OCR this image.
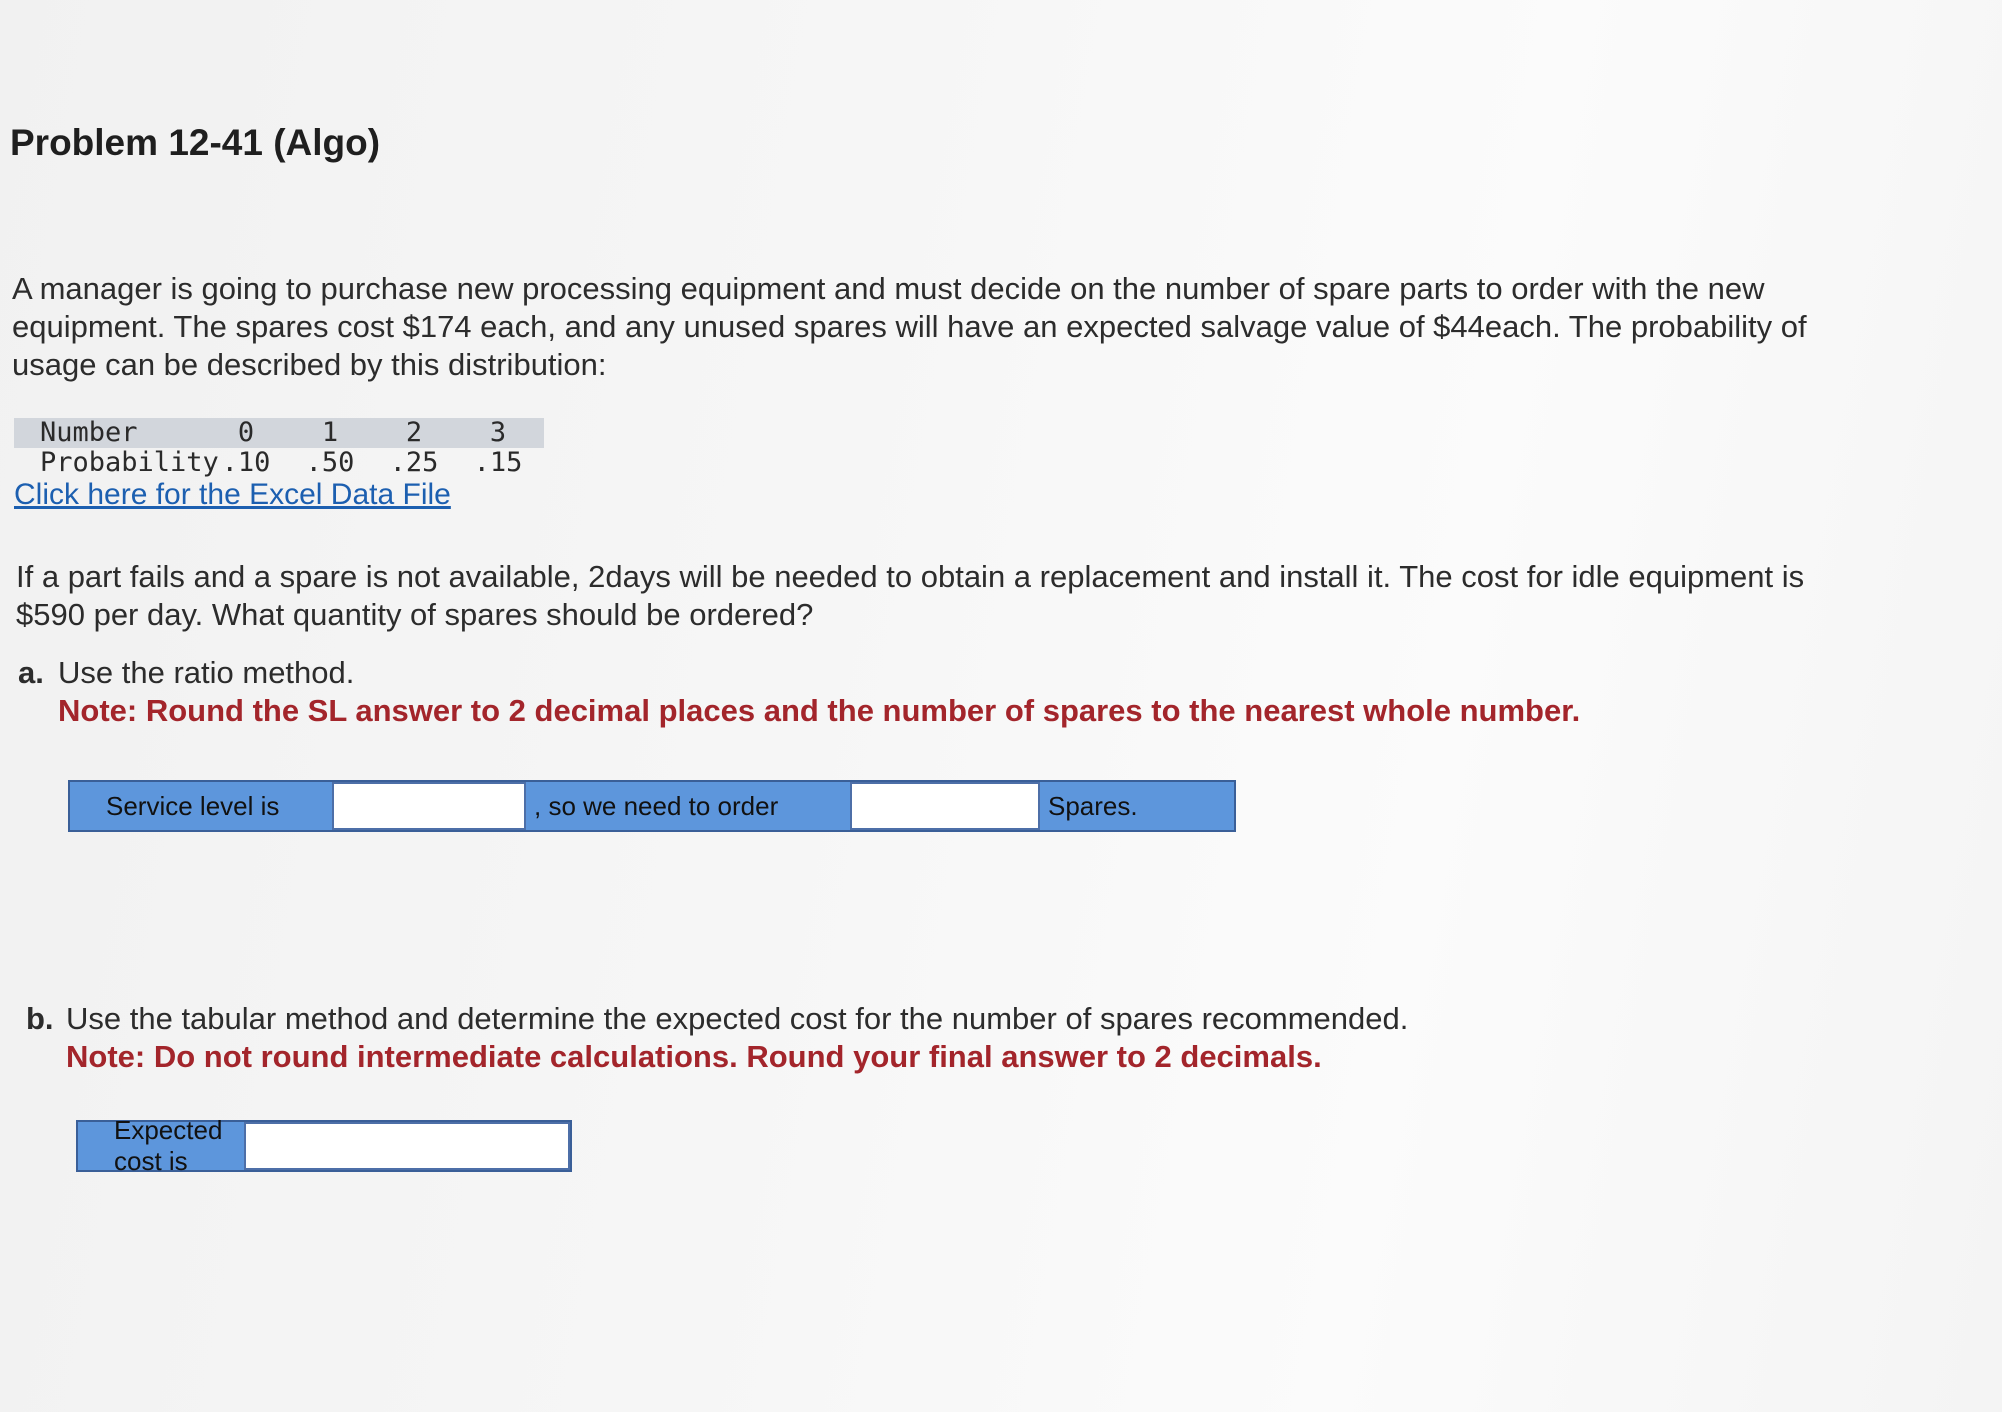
Problem 12-41 (Algo)
A manager is going to purchase new processing equipment and must decide on the number of spare parts to order with the new equipment. The spares cost $174 each, and any unused spares will have an expected salvage value of $44each. The probability of usage can be described by this distribution:
Number	0	1	2	3
Probability .10	.50	.25	.15
Click here for the Excel Data File
If a part fails and a spare is not available, 2days will be needed to obtain a replacement and install it. The cost for idle equipment is $590 per day. What quantity of spares should be ordered?
a. Use the ratio method.
Note: Round the SL answer to 2 decimal places and the number of spares to the nearest whole number.
Service level is	, so we need to order	Spares.
b. Use the tabular method and determine the expected cost for the number of spares recommended.
Note: Do not round intermediate calculations. Round your final answer to 2 decimals.
Expected cost is
